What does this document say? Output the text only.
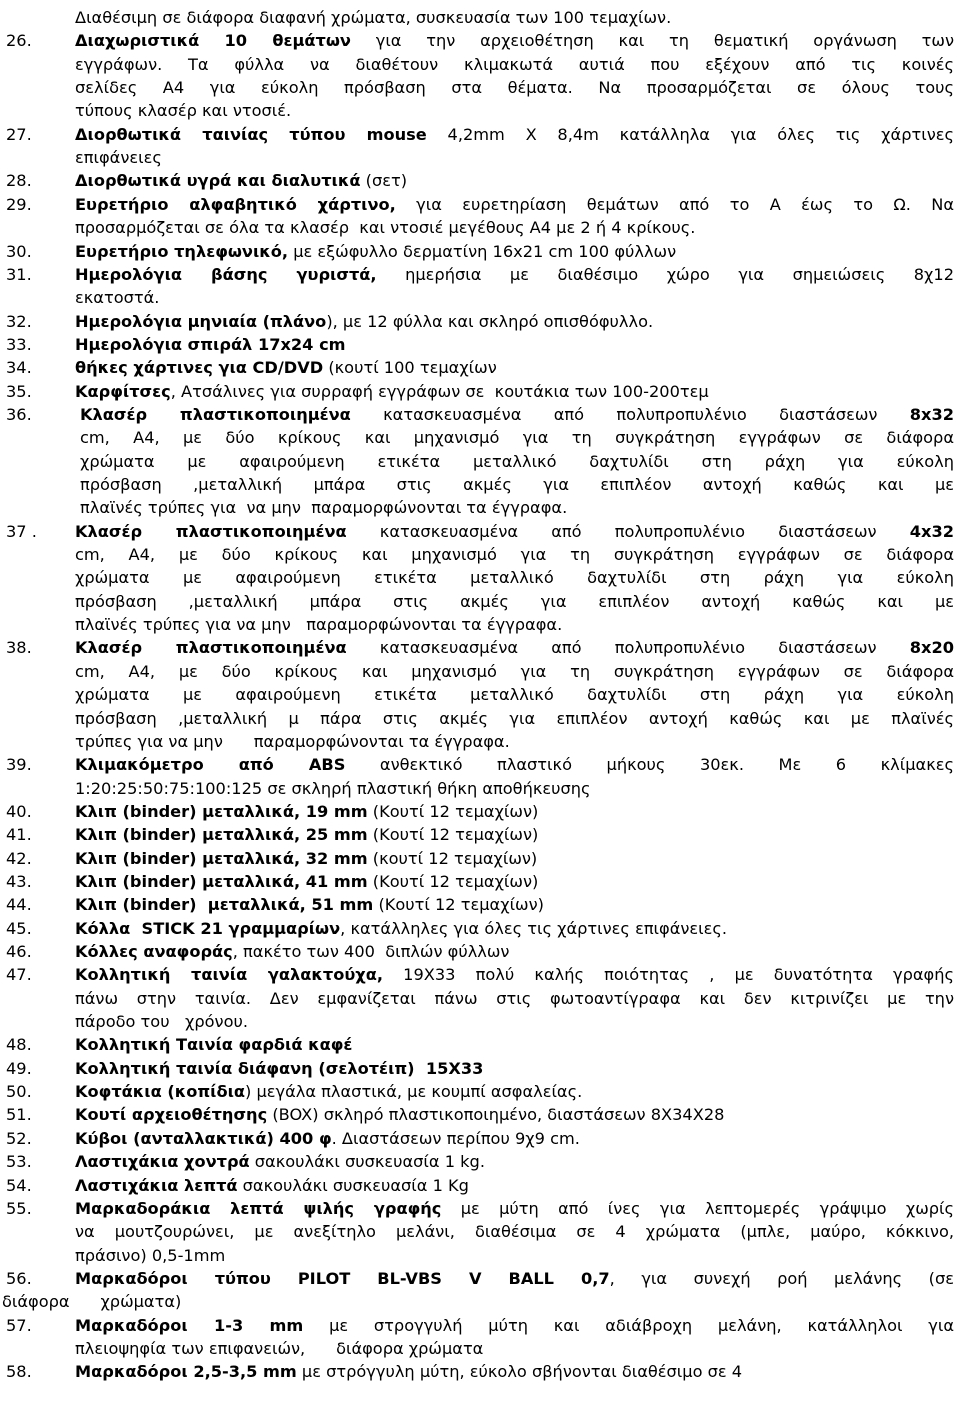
Διαθέσιμη σε διάφορα διαφανή χρώματα, συσκευασία των 100 τεμαχίων.
26.	Διαχωριστικά 10 θεμάτων για την αρχειοθέτηση και τη θεματική οργάνωση των
εγγράφων. Τα φύλλα να διαθέτουν κλιμακωτά αυτιά που εξέχουν από τις κοινές
σελίδες A4 για εύκολη πρόσβαση στα θέματα. Να προσαρμόζεται σε όλους τους
τύπους κλασέρ και ντοσιέ.
27.	Διορθωτικά ταινίας τύπου mouse 4,2mm X 8,4m κατάλληλα για όλες τις χάρτινες
επιφάνειες
28.	Διορθωτικά υγρά και διαλυτικά (σετ)
29.	Ευρετήριο αλφαβητικό χάρτινο, για ευρετηρίαση θεμάτων από το Α έως το Ω. Να
προσαρμόζεται σε όλα τα κλασέρ  και ντοσιέ μεγέθους Α4 με 2 ή 4 κρίκους.
30.	Ευρετήριο τηλεφωνικό, με εξώφυλλο δερματίνη 16x21 cm 100 φύλλων
31.	Ημερολόγια βάσης γυριστά, ημερήσια με διαθέσιμο χώρο για σημειώσεις 8χ12
εκατοστά.
32.	Ημερολόγια μηνιαία (πλάνο), με 12 φύλλα και σκληρό οπισθόφυλλο.
33.	Ημερολόγια σπιράλ 17x24 cm
34.	θήκες χάρτινες για CD/DVD (κουτί 100 τεμαχίων
35.	Καρφίτσες, Ατσάλινες για συρραφή εγγράφων σε  κουτάκια των 100-200τεμ
36.	Κλασέρ πλαστικοποιημένα κατασκευασμένα από πολυπροπυλένιο διαστάσεων 8x32
cm, A4, με δύο κρίκους και μηχανισμό για τη συγκράτηση εγγράφων σε διάφορα
χρώματα με αφαιρούμενη ετικέτα μεταλλικό δαχτυλίδι στη ράχη για εύκολη
πρόσβαση ,μεταλλική μπάρα στις ακμές για επιπλέον αντοχή καθώς και με
πλαϊνές τρύπες για  να μην  παραμορφώνονται τα έγγραφα.
37 . Κλασέρ πλαστικοποιημένα κατασκευασμένα από πολυπροπυλένιο διαστάσεων 4x32
cm, A4, με δύο κρίκους και μηχανισμό για τη συγκράτηση εγγράφων σε διάφορα
χρώματα με αφαιρούμενη ετικέτα μεταλλικό δαχτυλίδι στη ράχη για εύκολη
πρόσβαση ,μεταλλική μπάρα στις ακμές για επιπλέον αντοχή καθώς και με
πλαϊνές τρύπες για να μην   παραμορφώνονται τα έγγραφα.
38.	Κλασέρ πλαστικοποιημένα κατασκευασμένα από πολυπροπυλένιο διαστάσεων 8x20
cm, A4, με δύο κρίκους και μηχανισμό για τη συγκράτηση εγγράφων σε διάφορα
χρώματα με αφαιρούμενη ετικέτα μεταλλικό δαχτυλίδι στη ράχη για εύκολη
πρόσβαση ,μεταλλική μ πάρα στις ακμές για επιπλέον αντοχή καθώς και με πλαϊνές
τρύπες για να μην      παραμορφώνονται τα έγγραφα.
39.	Κλιμακόμετρο από ABS ανθεκτικό πλαστικό μήκους 30εκ. Με 6 κλίμακες
1:20:25:50:75:100:125 σε σκληρή πλαστική θήκη αποθήκευσης
40.	Κλιπ (binder) μεταλλικά, 19 mm (Κουτί 12 τεμαχίων)
41.	Κλιπ (binder) μεταλλικά, 25 mm (Κουτί 12 τεμαχίων)
42.	Κλιπ (binder) μεταλλικά, 32 mm (κουτί 12 τεμαχίων)
43.	Κλιπ (binder) μεταλλικά, 41 mm (Κουτί 12 τεμαχίων)
44.	Κλιπ (binder)  μεταλλικά, 51 mm (Κουτί 12 τεμαχίων)
45.	Κόλλα  STICK 21 γραμμαρίων, κατάλληλες για όλες τις χάρτινες επιφάνειες.
46.	Κόλλες αναφοράς, πακέτο των 400  διπλών φύλλων
47.	Κολλητική ταινία γαλακτούχα, 19Χ33 πολύ καλής ποιότητας , με δυνατότητα γραφής
πάνω στην ταινία. Δεν εμφανίζεται πάνω στις φωτοαντίγραφα και δεν κιτρινίζει με την
πάροδο του   χρόνου.
48.	Κολλητική Ταινία φαρδιά καφέ
49.	Κολλητική ταινία διάφανη (σελοτέιπ)  15X33
50.	Κοφτάκια (κοπίδια) μεγάλα πλαστικά, με κουμπί ασφαλείας.
51.	Κουτί αρχειοθέτησης (BOX) σκληρό πλαστικοποιημένο, διαστάσεων 8Χ34Χ28
52.	Κύβοι (ανταλλακτικά) 400 φ. Διαστάσεων περίπου 9χ9 cm.
53.	Λαστιχάκια χοντρά σακουλάκι συσκευασία 1 kg.
54.	Λαστιχάκια λεπτά σακουλάκι συσκευασία 1 Kg
55.	Μαρκαδοράκια λεπτά ψιλής γραφής με μύτη από ίνες για λεπτομερές γράψιμο χωρίς
να μουτζουρώνει, με ανεξίτηλο μελάνι, διαθέσιμα σε 4 χρώματα (μπλε, μαύρο, κόκκινο,
πράσινο) 0,5-1mm
56.	Μαρκαδόροι τύπου PILOT BL-VBS V BALL 0,7, για συνεχή ροή μελάνης (σε
διάφορα      χρώματα)
57.	Μαρκαδόροι 1-3 mm με στρογγυλή μύτη και αδιάβροχη μελάνη, κατάλληλοι για
πλειοψηφία των επιφανειών,      διάφορα χρώματα
58.	Μαρκαδόροι 2,5-3,5 mm με στρόγγυλη μύτη, εύκολο σβήνονται διαθέσιμο σε 4
